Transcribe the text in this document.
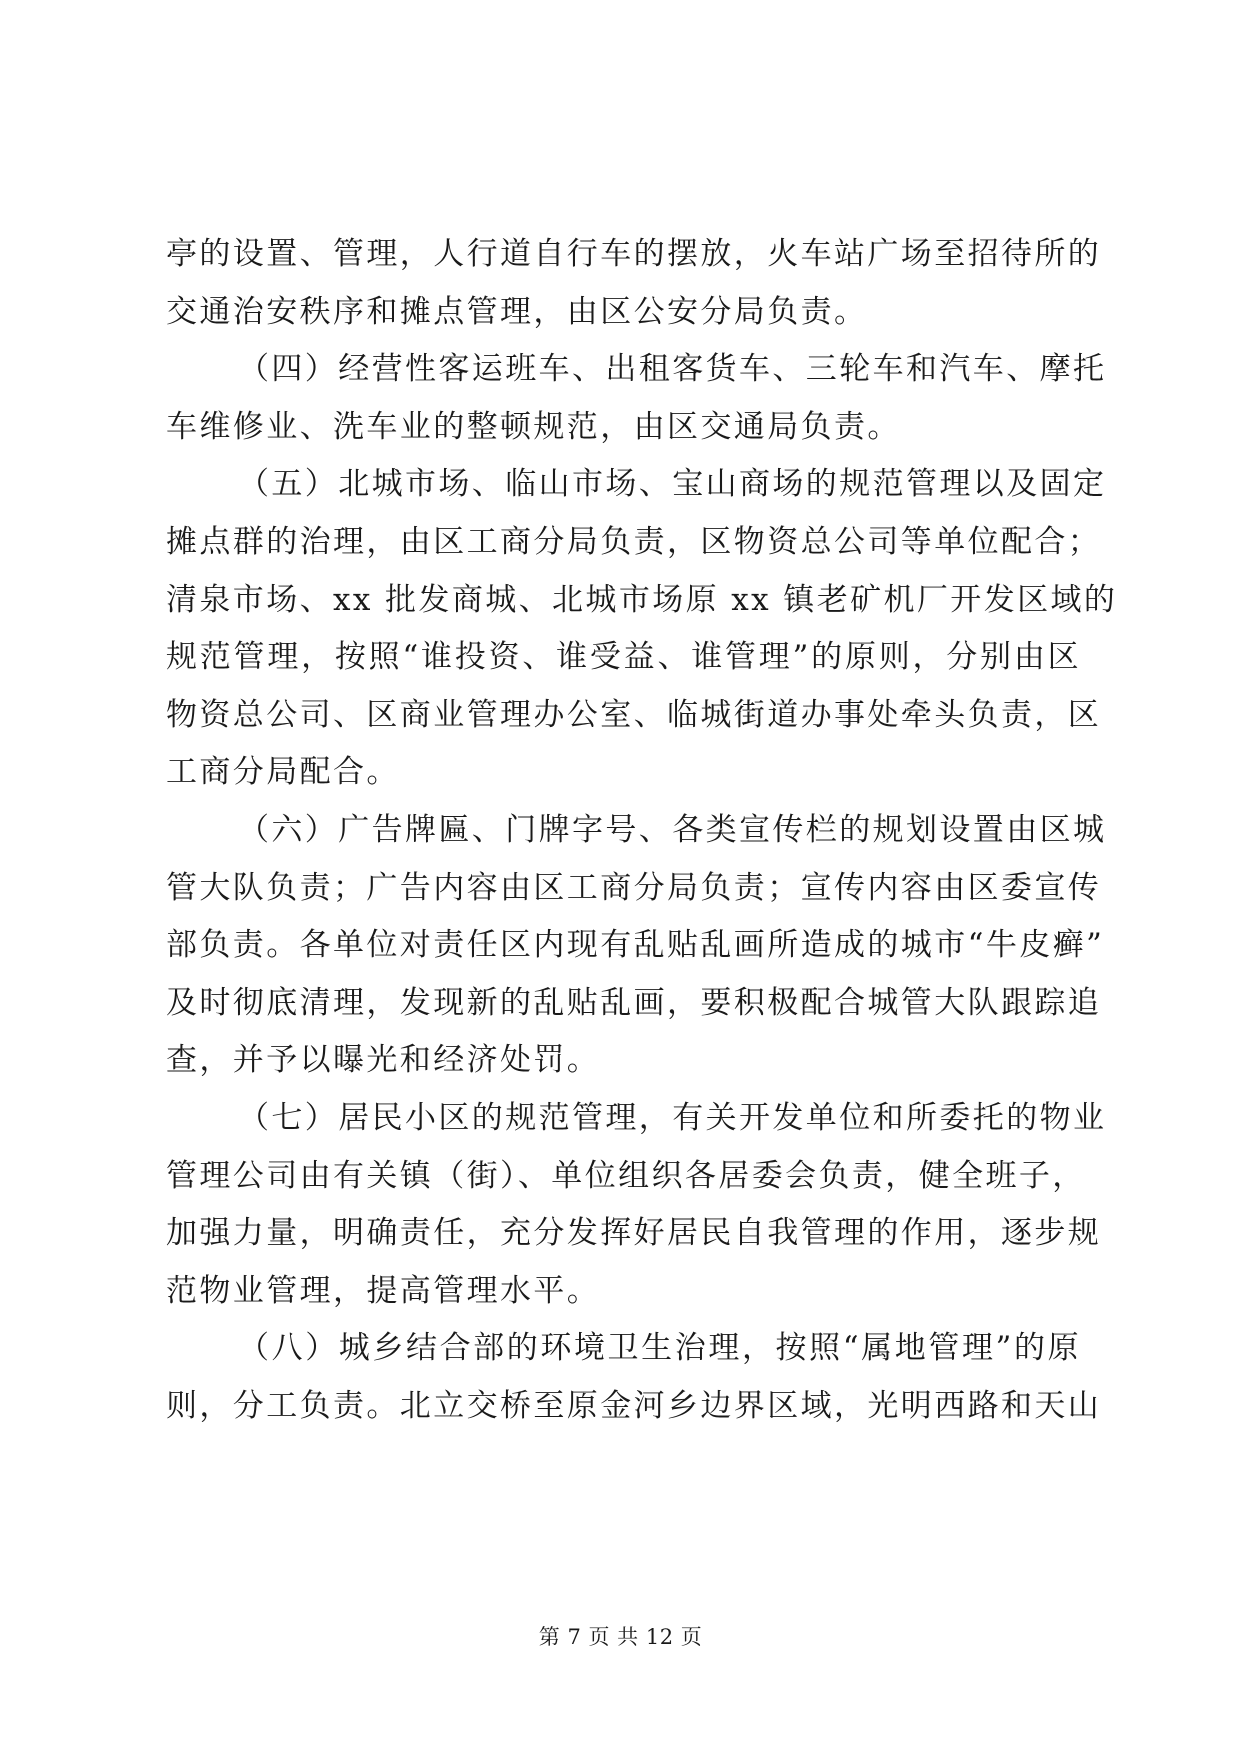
亭的设置、管理，人行道自行车的摆放，火车站广场至招待所的
交通治安秩序和摊点管理，由区公安分局负责。

（四）经营性客运班车、出租客货车、三轮车和汽车、摩托
车维修业、洗车业的整顿规范，由区交通局负责。

（五）北城市场、临山市场、宝山商场的规范管理以及固定
摊点群的治理，由区工商分局负责，区物资总公司等单位配合；
清泉市场、xx 批发商城、北城市场原 xx 镇老矿机厂开发区域的
规范管理，按照“谁投资、谁受益、谁管理”的原则，分别由区
物资总公司、区商业管理办公室、临城街道办事处牵头负责，区
工商分局配合。

（六）广告牌匾、门牌字号、各类宣传栏的规划设置由区城
管大队负责；广告内容由区工商分局负责；宣传内容由区委宣传
部负责。各单位对责任区内现有乱贴乱画所造成的城市“牛皮癣”
及时彻底清理，发现新的乱贴乱画，要积极配合城管大队跟踪追
查，并予以曝光和经济处罚。

（七）居民小区的规范管理，有关开发单位和所委托的物业
管理公司由有关镇（街）、单位组织各居委会负责，健全班子，
加强力量，明确责任，充分发挥好居民自我管理的作用，逐步规
范物业管理，提高管理水平。

（八）城乡结合部的环境卫生治理，按照“属地管理”的原
则，分工负责。北立交桥至原金河乡边界区域，光明西路和天山

第 7 页 共 12 页
